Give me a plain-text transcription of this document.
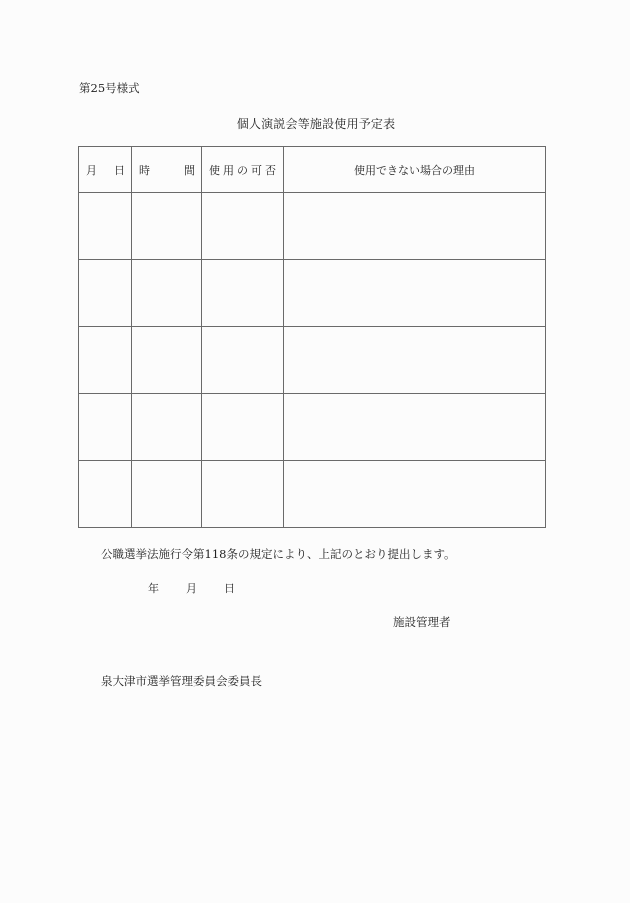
第25号様式
個人演説会等施設使用予定表
月 日	時 間	使用の可否	使用できない場合の理由

公職選挙法施行令第118条の規定により、上記のとおり提出します。
年 月 日
施設管理者
泉大津市選挙管理委員会委員長
